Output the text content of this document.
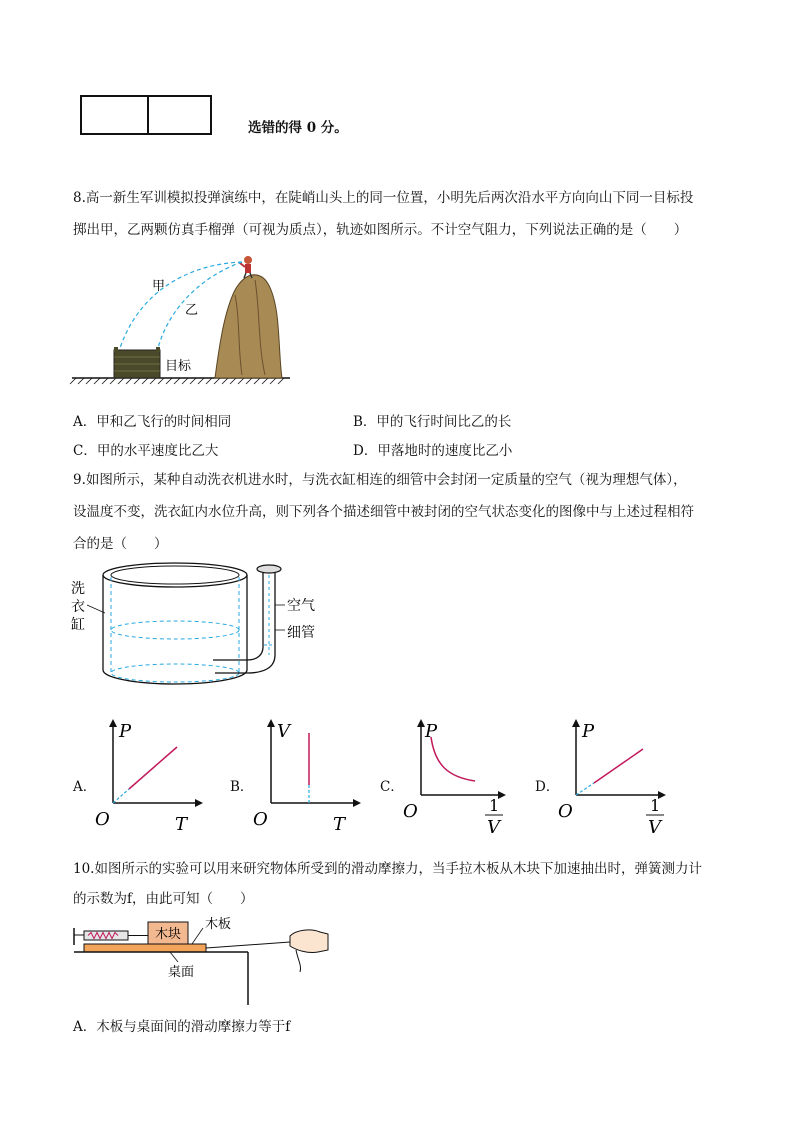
选错的得 0 分。
8.高一新生军训模拟投弹演练中，在陡峭山头上的同一位置，小明先后两次沿水平方向向山下同一目标投
掷出甲，乙两颗仿真手榴弹（可视为质点），轨迹如图所示。不计空气阻力，下列说法正确的是（　　）
甲
乙
目标
A．甲和乙飞行的时间相同	B．甲的飞行时间比乙的长
C．甲的水平速度比乙大	D．甲落地时的速度比乙小
9.如图所示，某种自动洗衣机进水时，与洗衣缸相连的细管中会封闭一定质量的空气（视为理想气体），
设温度不变，洗衣缸内水位升高，则下列各个描述细管中被封闭的空气状态变化的图像中与上述过程相符
合的是（　　）
洗
衣
缸
空气
细管
A．
P
T
O
B．
V
T
O
C．
P
1
V
O
D．
P
1
V
O
10.如图所示的实验可以用来研究物体所受到的滑动摩擦力，当手拉木板从木块下加速抽出时，弹簧测力计
的示数为f，由此可知（　　）
木块
木板
桌面
A．木板与桌面间的滑动摩擦力等于f
